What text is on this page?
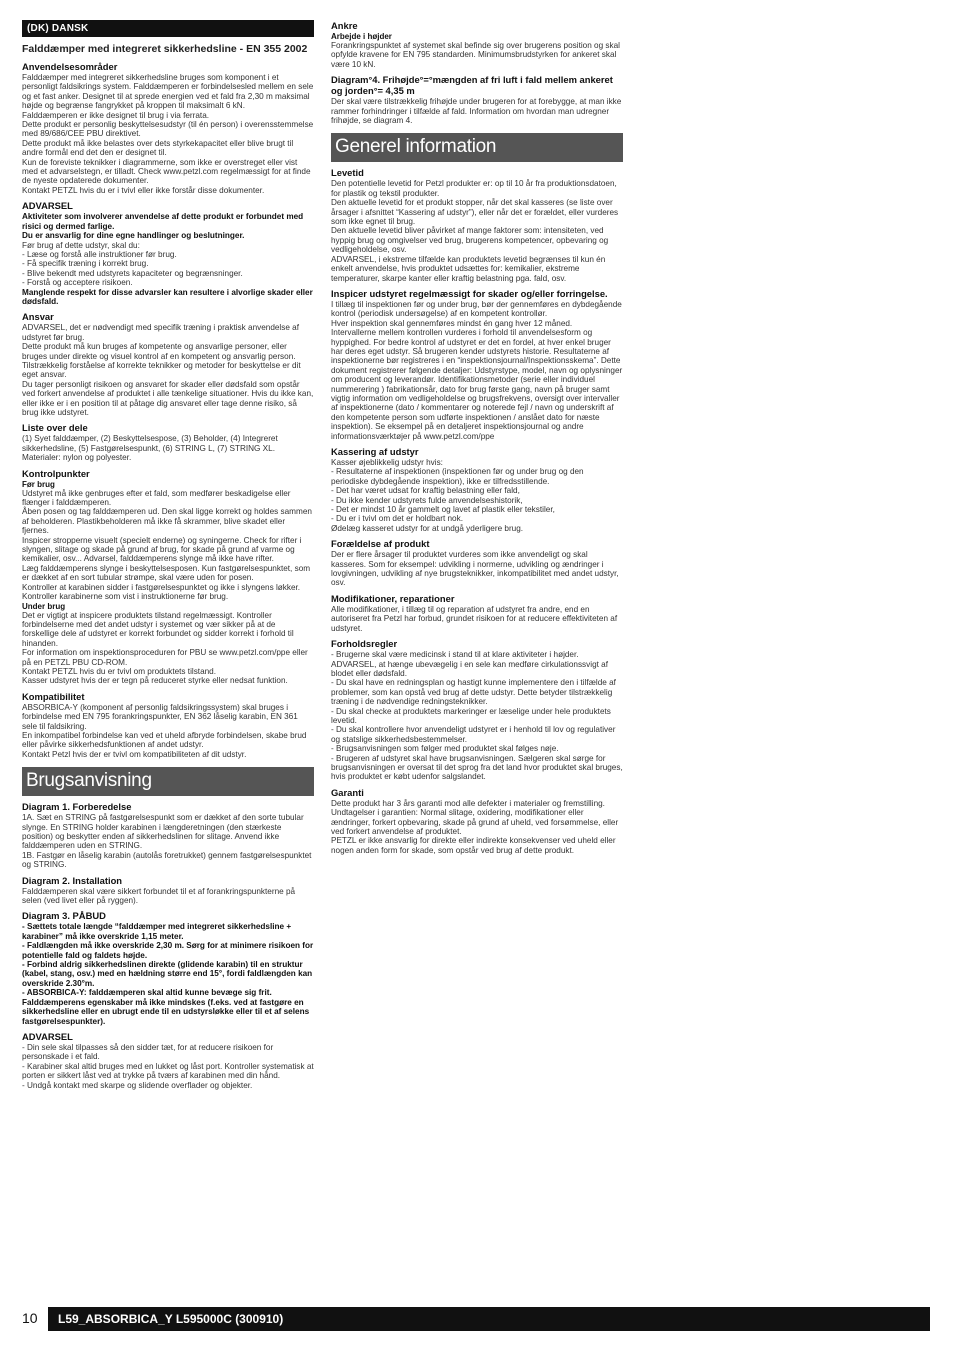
(DK) DANSK
Falddæmper med integreret sikkerhedsline - EN 355 2002
Anvendelsesområder

Falddæmper med integreret sikkerhedsline bruges som komponent i et personligt faldsikrings system. Falddæmperen er forbindelsesled mellem en sele og et fast anker. Designet til at sprede energien ved et fald fra 2,30 m maksimal højde og begrænse fangrykket på kroppen til maksimalt 6 kN.
Falddæmperen er ikke designet til brug i via ferrata.
Dette produkt er personlig beskyttelsesudstyr (til én person) i overensstemmelse med 89/686/CEE PBU direktivet.
Dette produkt må ikke belastes over dets styrkekapacitet eller blive brugt til andre formål end det den er designet til.
Kun de foreviste teknikker i diagrammerne, som ikke er overstreget eller vist med et advarselstegn, er tilladt. Check www.petzl.com regelmæssigt for at finde de nyeste opdaterede dokumenter.
Kontakt PETZL hvis du er i tvivl eller ikke forstår disse dokumenter.

ADVARSEL

Aktiviteter som involverer anvendelse af dette produkt er forbundet med risici og dermed farlige.
Du er ansvarlig for dine egne handlinger og beslutninger.

Før brug af dette udstyr, skal du:
- Læse og forstå alle instruktioner før brug.
- Få specifik træning i korrekt brug.
- Blive bekendt med udstyrets kapaciteter og begrænsninger.
- Forstå og acceptere risikoen.

Manglende respekt for disse advarsler kan resultere i alvorlige skader eller dødsfald.

Ansvar

ADVARSEL, det er nødvendigt med specifik træning i praktisk anvendelse af udstyret før brug.
Dette produkt må kun bruges af kompetente og ansvarlige personer, eller bruges under direkte og visuel kontrol af en kompetent og ansvarlig person.
Tilstrækkelig forståelse af korrekte teknikker og metoder for beskyttelse er dit eget ansvar.
Du tager personligt risikoen og ansvaret for skader eller dødsfald som opstår ved forkert anvendelse af produktet i alle tænkelige situationer. Hvis du ikke kan, eller ikke er i en position til at påtage dig ansvaret eller tage denne risiko, så brug ikke udstyret.

Liste over dele

(1) Syet falddæmper, (2) Beskyttelsespose, (3) Beholder, (4) Integreret sikkerhedsline, (5) Fastgørelsespunkt, (6) STRING L, (7) STRING XL.
Materialer: nylon og polyester.

Kontrolpunkter
Før brug

Udstyret må ikke genbruges efter et fald, som medfører beskadigelse eller flænger i falddæmperen.
Åben posen og tag falddæmperen ud. Den skal ligge korrekt og holdes sammen af beholderen. Plastikbeholderen må ikke få skrammer, blive skadet eller fjernes.
Inspicer stropperne visuelt (specielt enderne) og syningerne. Check for rifter i slyngen, slitage og skade på grund af brug, for skade på grund af varme og kemikalier, osv... Advarsel, falddæmperens slynge må ikke have rifter.
Læg falddæmperens slynge i beskyttelsesposen. Kun fastgørelsespunktet, som er dækket af en sort tubular strømpe, skal være uden for posen.
Kontroller at karabinen sidder i fastgørelsespunktet og ikke i slyngens løkker.
Kontroller karabinerne som vist i instruktionerne før brug.

Under brug

Det er vigtigt at inspicere produktets tilstand regelmæssigt. Kontroller forbindelserne med det andet udstyr i systemet og vær sikker på at de forskellige dele af udstyret er korrekt forbundet og sidder korrekt i forhold til hinanden.
For information om inspektionsproceduren for PBU se www.petzl.com/ppe eller på en PETZL PBU CD-ROM.
Kontakt PETZL hvis du er tvivl om produktets tilstand.
Kasser udstyret hvis der er tegn på reduceret styrke eller nedsat funktion.

Kompatibilitet

ABSORBICA-Y (komponent af personlig faldsikringssystem) skal bruges i forbindelse med EN 795 forankringspunkter, EN 362 låselig karabin, EN 361 sele til faldsikring.
En inkompatibel forbindelse kan ved et uheld afbryde forbindelsen, skabe brud eller påvirke sikkerhedsfunktionen af andet udstyr.
Kontakt Petzl hvis der er tvivl om kompatibiliteten af dit udstyr.

Brugsanvisning
Diagram 1. Forberedelse

1A. Sæt en STRING på fastgørelsespunkt som er dækket af den sorte tubular slynge. En STRING holder karabinen i længderetningen (den stærkeste position) og beskytter enden af sikkerhedslinen for slitage. Anvend ikke falddæmperen uden en STRING.
1B. Fastgør en låselig karabin (autolås foretrukket) gennem fastgørelsespunktet og STRING.

Diagram 2. Installation

Falddæmperen skal være sikkert forbundet til et af forankringspunkterne på selen (ved livet eller på ryggen).

Diagram 3. PÅBUD

- Sættets totale længde “falddæmper med integreret sikkerhedsline + karabiner” må ikke overskride 1,15 meter.
- Faldlængden må ikke overskride 2,30 m. Sørg for at minimere risikoen for potentielle fald og faldets højde.
- Forbind aldrig sikkerhedslinen direkte (glidende karabin) til en struktur (kabel, stang, osv.) med en hældning større end 15°, fordi faldlængden kan overskride 2.30°m.
- ABSORBICA-Y: falddæmperen skal altid kunne bevæge sig frit.
Falddæmperens egenskaber må ikke mindskes (f.eks. ved at fastgøre en sikkerhedsline eller en ubrugt ende til en udstyrsløkke eller til et af selens fastgørelsespunkter).

ADVARSEL

- Din sele skal tilpasses så den sidder tæt, for at reducere risikoen for personskade i et fald.
- Karabiner skal altid bruges med en lukket og låst port. Kontroller systematisk at porten er sikkert låst ved at trykke på tværs af karabinen med din hånd.
- Undgå kontakt med skarpe og slidende overflader og objekter.

Ankre
Arbejde i højder

Forankringspunktet af systemet skal befinde sig over brugerens position og skal opfylde kravene for EN 795 standarden. Minimumsbrudstyrken for ankeret skal være 10 kN.

Diagram°4. Frihøjde°=°mængden af fri luft i fald mellem ankeret og jorden°= 4,35 m

Der skal være tilstrækkelig frihøjde under brugeren for at forebygge, at man ikke rammer forhindringer i tilfælde af fald. Information om hvordan man udregner frihøjde, se diagram 4.

Generel information
Levetid

Den potentielle levetid for Petzl produkter er: op til 10 år fra produktionsdatoen, for plastik og tekstil produkter.
Den aktuelle levetid for et produkt stopper, når det skal kasseres (se liste over årsager i afsnittet “Kassering af udstyr”), eller når det er forældet, eller vurderes som ikke egnet til brug.
Den aktuelle levetid bliver påvirket af mange faktorer som: intensiteten, ved hyppig brug og omgivelser ved brug, brugerens kompetencer, opbevaring og vedligeholdelse, osv.
ADVARSEL, i ekstreme tilfælde kan produktets levetid begrænses til kun én enkelt anvendelse, hvis produktet udsættes for: kemikalier, ekstreme temperaturer, skarpe kanter eller kraftig belastning pga. fald, osv.

Inspicer udstyret regelmæssigt for skader og/eller forringelse.

I tillæg til inspektionen før og under brug, bør der gennemføres en dybdegående kontrol (periodisk undersøgelse) af en kompetent kontrollør.
Hver inspektion skal gennemføres mindst én gang hver 12 måned.
Intervallerne mellem kontrollen vurderes i forhold til anvendelsesform og hyppighed. For bedre kontrol af udstyret er det en fordel, at hver enkel bruger har deres eget udstyr. Så brugeren kender udstyrets historie. Resultaterne af inspektionerne bør registreres i en “inspektionsjournal/Inspektionsskema”. Dette dokument registrerer følgende detaljer: Udstyrstype, model, navn og oplysninger om producent og leverandør. Identifikationsmetoder (serie eller individuel nummerering ) fabrikationsår, dato for brug første gang, navn på bruger samt vigtig information om vedligeholdelse og brugsfrekvens, oversigt over intervaller af inspektionerne (dato / kommentarer og noterede fejl / navn og underskrift af den kompetente person som udførte inspektionen / anslået dato for næste inspektion). Se eksempel på en detaljeret inspektionsjournal og andre informationsværktøjer på www.petzl.com/ppe

Kassering af udstyr

Kasser øjeblikkelig udstyr hvis:
- Resultaterne af inspektionen (inspektionen før og under brug og den periodiske dybdegående inspektion), ikke er tilfredsstillende.
- Det har været udsat for kraftig belastning eller fald,
- Du ikke kender udstyrets fulde anvendelseshistorik,
- Det er mindst 10 år gammelt og lavet af plastik eller tekstiler,
- Du er i tvivl om det er holdbart nok.
Ødelæg kasseret udstyr for at undgå yderligere brug.

Forældelse af produkt

Der er flere årsager til produktet vurderes som ikke anvendeligt og skal kasseres. Som for eksempel: udvikling i normerne, udvikling og ændringer i lovgivningen, udvikling af nye brugsteknikker, inkompatibilitet med andet udstyr, osv.

Modifikationer, reparationer

Alle modifikationer, i tillæg til og reparation af udstyret fra andre, end en autoriseret fra Petzl har forbud, grundet risikoen for at reducere effektiviteten af udstyret.

Forholdsregler

- Brugerne skal være medicinsk i stand til at klare aktiviteter i højder.
ADVARSEL, at hænge ubevægelig i en sele kan medføre cirkulationssvigt af blodet eller dødsfald.
- Du skal have en redningsplan og hastigt kunne implementere den i tilfælde af problemer, som kan opstå ved brug af dette udstyr. Dette betyder tilstrækkelig træning i de nødvendige redningsteknikker.
- Du skal checke at produktets markeringer er læselige under hele produktets levetid.
- Du skal kontrollere hvor anvendeligt udstyret er i henhold til lov og regulativer og statslige sikkerhedsbestemmelser.
- Brugsanvisningen som følger med produktet skal følges nøje.
- Brugeren af udstyret skal have brugsanvisningen. Sælgeren skal sørge for brugsanvisningen er oversat til det sprog fra det land hvor produktet skal bruges, hvis produktet er købt udenfor salgslandet.

Garanti

Dette produkt har 3 års garanti mod alle defekter i materialer og fremstilling.
Undtagelser i garantien: Normal slitage, oxidering, modifikationer eller ændringer, forkert opbevaring, skade på grund af uheld, ved forsømmelse, eller ved forkert anvendelse af produktet.
PETZL er ikke ansvarlig for direkte eller indirekte konsekvenser ved uheld eller nogen anden form for skade, som opstår ved brug af dette produkt.

10	L59_ABSORBICA_Y L595000C (300910)
